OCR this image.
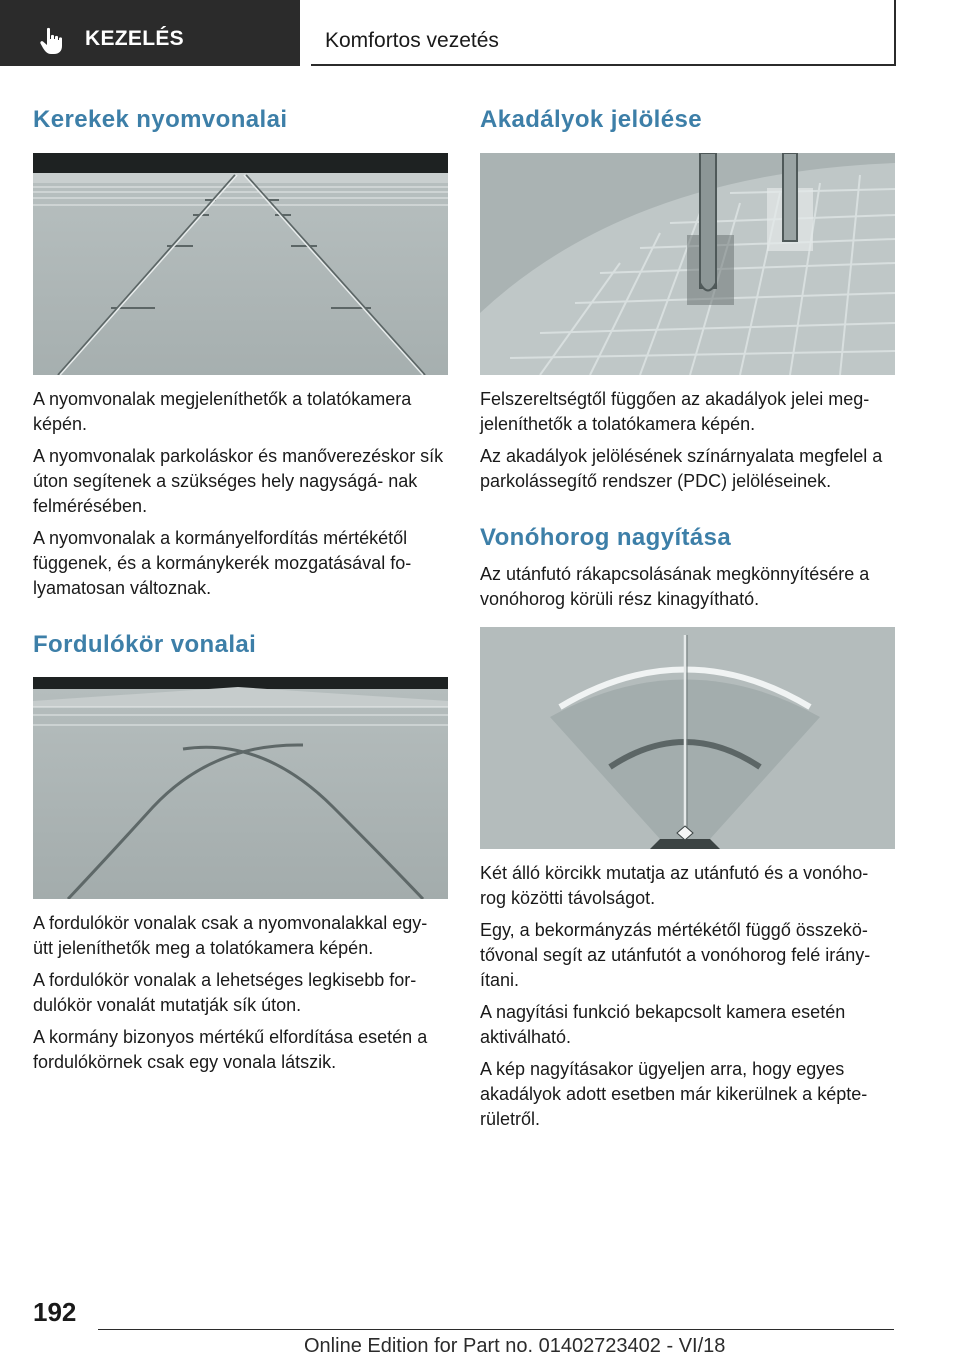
KEZELÉS	Komfortos vezetés
Kerekek nyomvonalai

A nyomvonalak megjeleníthetők a tolatókamera képén.

A nyomvonalak parkoláskor és manőverezéskor sík úton segítenek a szükséges hely nagyságá‐ nak felmérésében.

A nyomvonalak a kormányelfordítás mértékétől függenek, és a kormánykerék mozgatásával fo‐ lyamatosan változnak.

Fordulókör vonalai

A fordulókör vonalak csak a nyomvonalakkal egy‐ ütt jeleníthetők meg a tolatókamera képén.

A fordulókör vonalak a lehetséges legkisebb for‐ dulókör vonalát mutatják sík úton.

A kormány bizonyos mértékű elfordítása esetén a fordulókörnek csak egy vonala látszik.

Akadályok jelölése

Felszereltségtől függően az akadályok jelei meg‐ jeleníthetők a tolatókamera képén.

Az akadályok jelölésének színárnyalata megfelel a parkolássegítő rendszer (PDC) jelöléseinek.

Vonóhorog nagyítása

Az utánfutó rákapcsolásának megkönnyítésére a vonóhorog körüli rész kinagyítható.

Két álló körcikk mutatja az utánfutó és a vonóho‐ rog közötti távolságot.

Egy, a bekormányzás mértékétől függő összekö‐ tővonal segít az utánfutót a vonóhorog felé irány‐ ítani.

A nagyítási funkció bekapcsolt kamera esetén aktiválható.

A kép nagyításakor ügyeljen arra, hogy egyes akadályok adott esetben már kikerülnek a képte‐ rületről.

192
Online Edition for Part no. 01402723402 - VI/18
